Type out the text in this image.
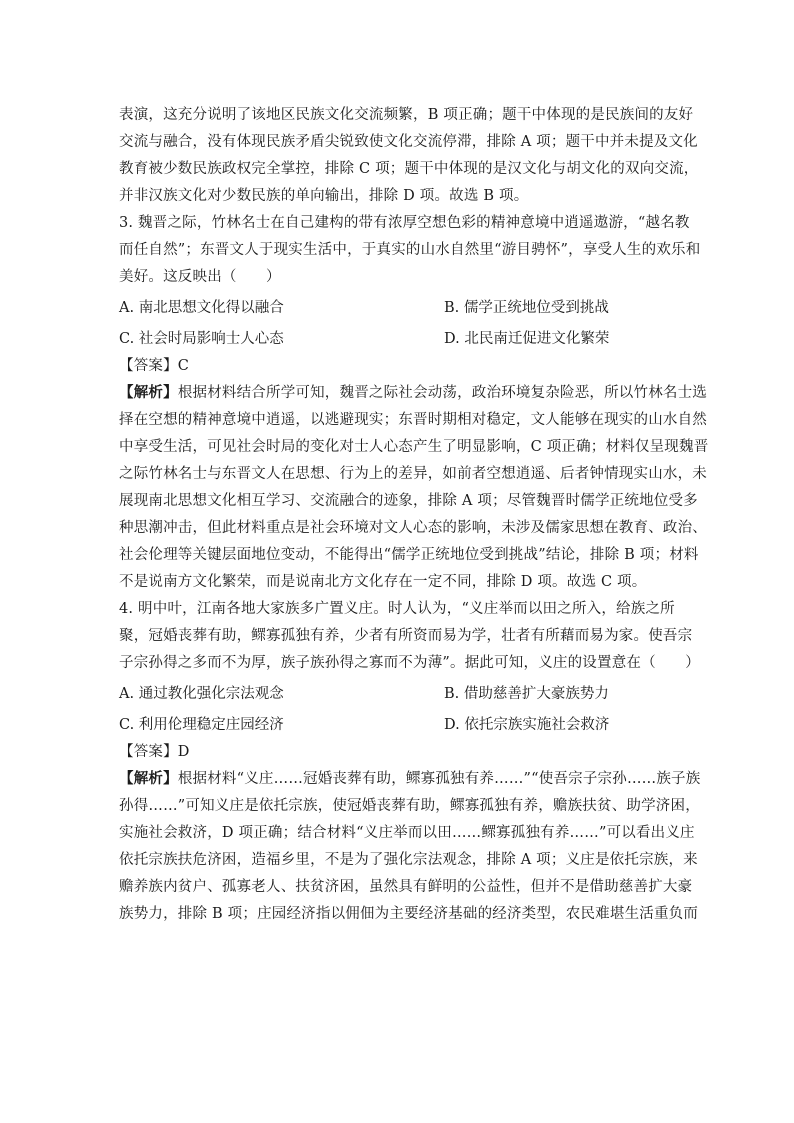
表演，这充分说明了该地区民族文化交流频繁，B 项正确；题干中体现的是民族间的友好
交流与融合，没有体现民族矛盾尖锐致使文化交流停滞，排除 A 项；题干中并未提及文化
教育被少数民族政权完全掌控，排除 C 项；题干中体现的是汉文化与胡文化的双向交流，
并非汉族文化对少数民族的单向输出，排除 D 项。故选 B 项。
3. 魏晋之际，竹林名士在自己建构的带有浓厚空想色彩的精神意境中逍遥遨游，“越名教
而任自然”；东晋文人于现实生活中，于真实的山水自然里“游目骋怀”，享受人生的欢乐和
美好。这反映出（　　）
A. 南北思想文化得以融合	B. 儒学正统地位受到挑战
C. 社会时局影响士人心态	D. 北民南迁促进文化繁荣
【答案】C
【解析】根据材料结合所学可知，魏晋之际社会动荡，政治环境复杂险恶，所以竹林名士选
择在空想的精神意境中逍遥，以逃避现实；东晋时期相对稳定，文人能够在现实的山水自然
中享受生活，可见社会时局的变化对士人心态产生了明显影响，C 项正确；材料仅呈现魏晋
之际竹林名士与东晋文人在思想、行为上的差异，如前者空想逍遥、后者钟情现实山水，未
展现南北思想文化相互学习、交流融合的迹象，排除 A 项；尽管魏晋时儒学正统地位受多
种思潮冲击，但此材料重点是社会环境对文人心态的影响，未涉及儒家思想在教育、政治、
社会伦理等关键层面地位变动，不能得出“儒学正统地位受到挑战”结论，排除 B 项；材料
不是说南方文化繁荣，而是说南北方文化存在一定不同，排除 D 项。故选 C 项。
4. 明中叶，江南各地大家族多广置义庄。时人认为，“义庄举而以田之所入，给族之所
聚，冠婚丧葬有助，鳏寡孤独有养，少者有所资而易为学，壮者有所藉而易为家。使吾宗
子宗孙得之多而不为厚，族子族孙得之寡而不为薄”。据此可知，义庄的设置意在（　　）
A. 通过教化强化宗法观念	B. 借助慈善扩大豪族势力
C. 利用伦理稳定庄园经济	D. 依托宗族实施社会救济
【答案】D
【解析】根据材料“义庄……冠婚丧葬有助，鳏寡孤独有养……”“使吾宗子宗孙……族子族
孙得……”可知义庄是依托宗族，使冠婚丧葬有助，鳏寡孤独有养，赡族扶贫、助学济困，
实施社会救济，D 项正确；结合材料“义庄举而以田……鳏寡孤独有养……”可以看出义庄
依托宗族扶危济困，造福乡里，不是为了强化宗法观念，排除 A 项；义庄是依托宗族，来
赡养族内贫户、孤寡老人、扶贫济困，虽然具有鲜明的公益性，但并不是借助慈善扩大豪
族势力，排除 B 项；庄园经济指以佣佃为主要经济基础的经济类型，农民难堪生活重负而
